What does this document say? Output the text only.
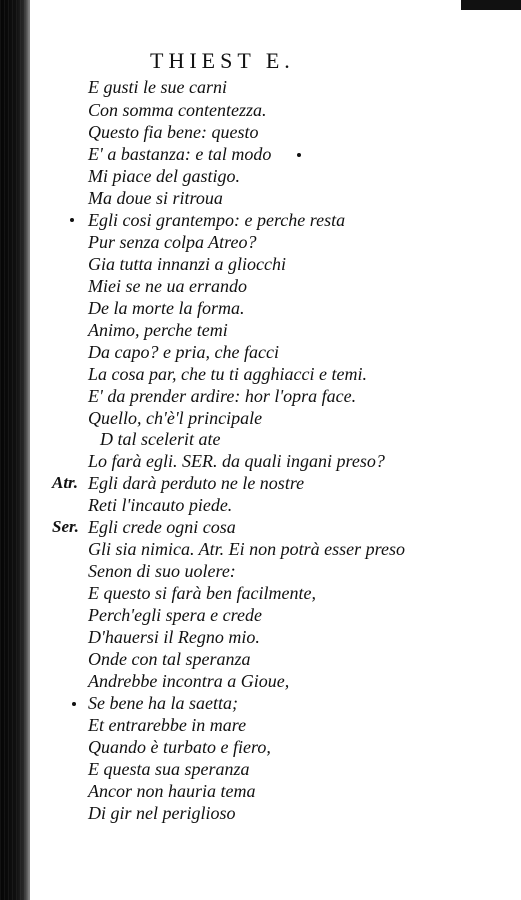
THIEST E.
E gusti le sue carni
Con somma contentezza.
Questo fia bene: questo
E' a bastanza: e tal modo
Mi piace del gastigo.
Ma doue si ritroua
Egli cosi grantempo: e perche resta
Pur senza colpa Atreo?
Gia tutta innanzi a gliocchi
Miei se ne ua errando
De la morte la forma.
Animo, perche temi
Da capo? e pria, che facci
La cosa par, che tu ti agghiacci e temi.
E' da prender ardire: hor l'opra face.
Quello, ch'è'l principale
D tal scelerit ate
Lo farà egli. SER. da quali ingani preso?
Egli darà perduto ne le nostre
Reti l'incauto piede.
Egli crede ogni cosa
Gli sia nimica. Atr. Ei non potrà esser preso
Senon di suo uolere:
E questo si farà ben facilmente,
Perch'egli spera e crede
D'hauersi il Regno mio.
Onde con tal speranza
Andrebbe incontra a Gioue,
Se bene ha la saetta;
Et entrarebbe in mare
Quando è turbato e fiero,
E questa sua speranza
Ancor non hauria tema
Di gir nel periglioso
Atr.
Ser.
